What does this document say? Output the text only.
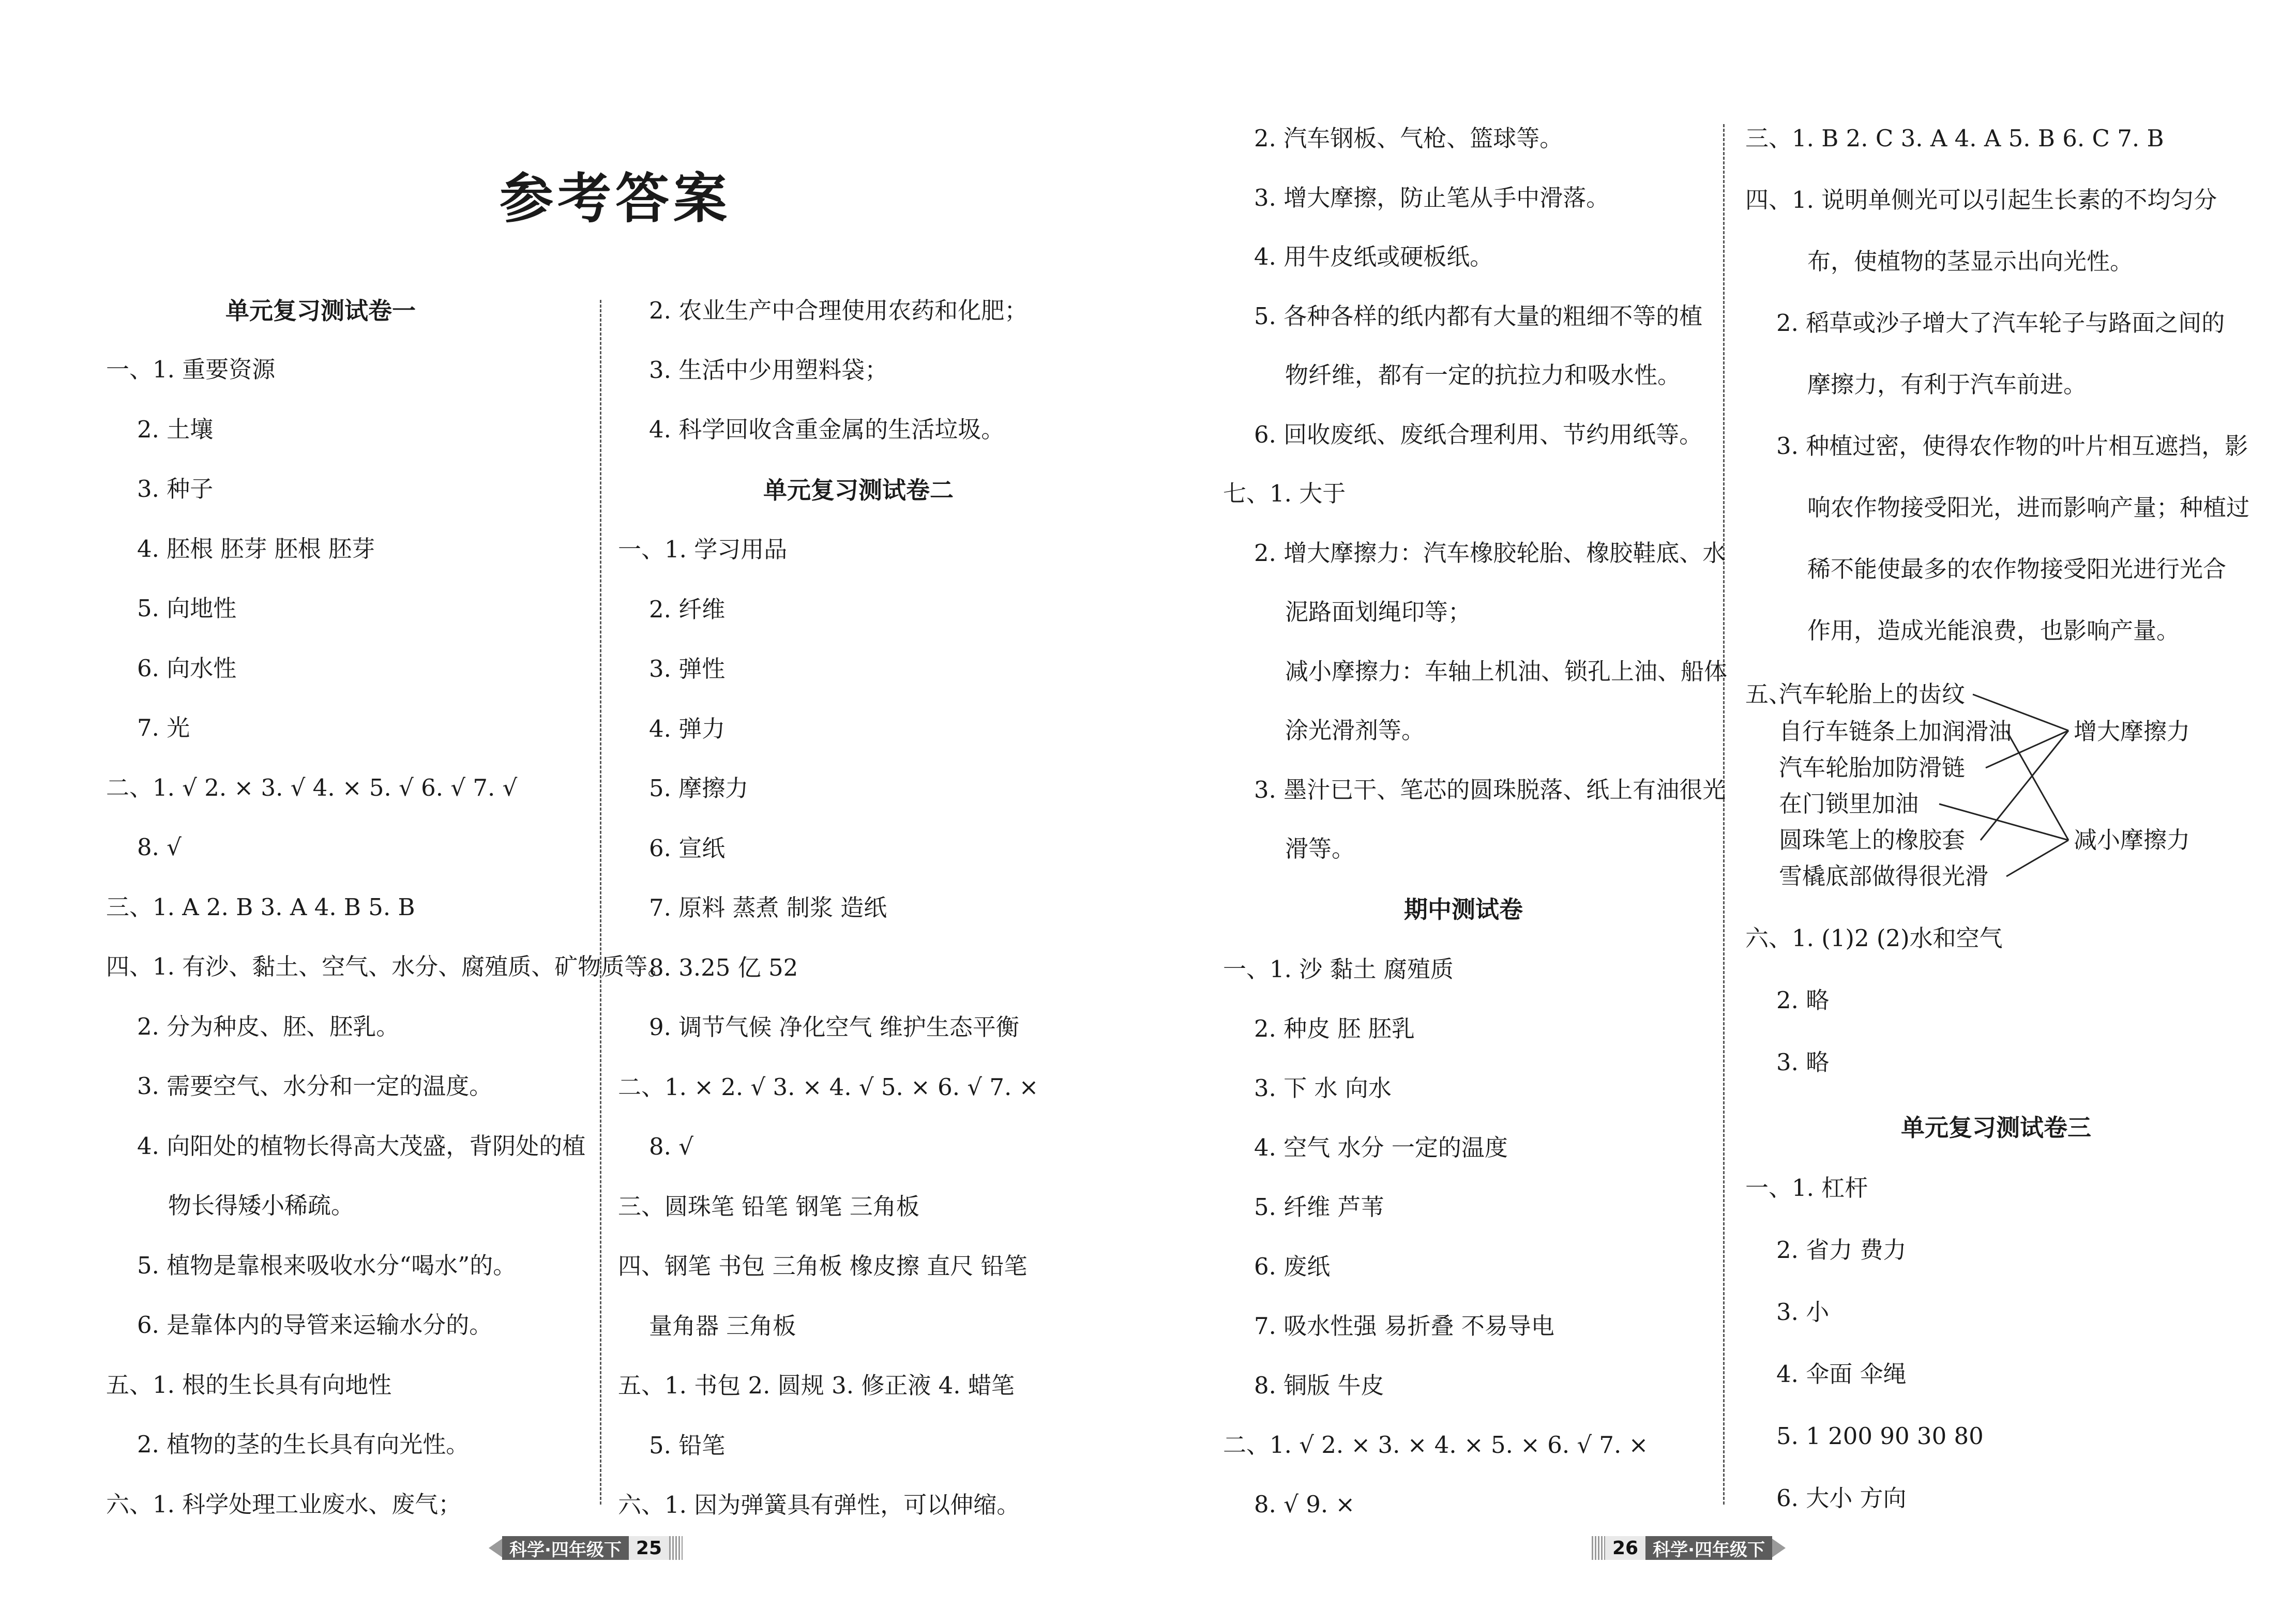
参考答案
单元复习测试卷一
一、1. 重要资源
2. 土壤
3. 种子
4. 胚根 胚芽 胚根 胚芽
5. 向地性
6. 向水性
7. 光
二、1. √ 2. × 3. √ 4. × 5. √ 6. √ 7. √
8. √
三、1. A 2. B 3. A 4. B 5. B
四、1. 有沙、黏土、空气、水分、腐殖质、矿物质等。
2. 分为种皮、胚、胚乳。
3. 需要空气、水分和一定的温度。
4. 向阳处的植物长得高大茂盛，背阴处的植
物长得矮小稀疏。
5. 植物是靠根来吸收水分“喝水”的。
6. 是靠体内的导管来运输水分的。
五、1. 根的生长具有向地性
2. 植物的茎的生长具有向光性。
六、1. 科学处理工业废水、废气；
2. 农业生产中合理使用农药和化肥；
3. 生活中少用塑料袋；
4. 科学回收含重金属的生活垃圾。
单元复习测试卷二
一、1. 学习用品
2. 纤维
3. 弹性
4. 弹力
5. 摩擦力
6. 宣纸
7. 原料 蒸煮 制浆 造纸
8. 3.25 亿 52
9. 调节气候 净化空气 维护生态平衡
二、1. × 2. √ 3. × 4. √ 5. × 6. √ 7. ×
8. √
三、圆珠笔 铅笔 钢笔 三角板
四、钢笔 书包 三角板 橡皮擦 直尺 铅笔
量角器 三角板
五、1. 书包 2. 圆规 3. 修正液 4. 蜡笔
5. 铅笔
六、1. 因为弹簧具有弹性，可以伸缩。
2. 汽车钢板、气枪、篮球等。
3. 增大摩擦，防止笔从手中滑落。
4. 用牛皮纸或硬板纸。
5. 各种各样的纸内都有大量的粗细不等的植
物纤维，都有一定的抗拉力和吸水性。
6. 回收废纸、废纸合理利用、节约用纸等。
七、1. 大于
2. 增大摩擦力：汽车橡胶轮胎、橡胶鞋底、水
泥路面划绳印等；
减小摩擦力：车轴上机油、锁孔上油、船体
涂光滑剂等。
3. 墨汁已干、笔芯的圆珠脱落、纸上有油很光
滑等。
期中测试卷
一、1. 沙 黏土 腐殖质
2. 种皮 胚 胚乳
3. 下 水 向水
4. 空气 水分 一定的温度
5. 纤维 芦苇
6. 废纸
7. 吸水性强 易折叠 不易导电
8. 铜版 牛皮
二、1. √ 2. × 3. × 4. × 5. × 6. √ 7. ×
8. √ 9. ×
三、1. B 2. C 3. A 4. A 5. B 6. C 7. B
四、1. 说明单侧光可以引起生长素的不均匀分
布，使植物的茎显示出向光性。
2. 稻草或沙子增大了汽车轮子与路面之间的
摩擦力，有利于汽车前进。
3. 种植过密，使得农作物的叶片相互遮挡，影
响农作物接受阳光，进而影响产量；种植过
稀不能使最多的农作物接受阳光进行光合
作用，造成光能浪费，也影响产量。
五、
汽车轮胎上的齿纹
自行车链条上加润滑油
汽车轮胎加防滑链
在门锁里加油
圆珠笔上的橡胶套
雪橇底部做得很光滑
增大摩擦力
减小摩擦力
六、1. (1)2 (2)水和空气
2. 略
3. 略
单元复习测试卷三
一、1. 杠杆
2. 省力 费力
3. 小
4. 伞面 伞绳
5. 1 200 90 30 80
6. 大小 方向
科学·四年级下 25	26 科学·四年级下
